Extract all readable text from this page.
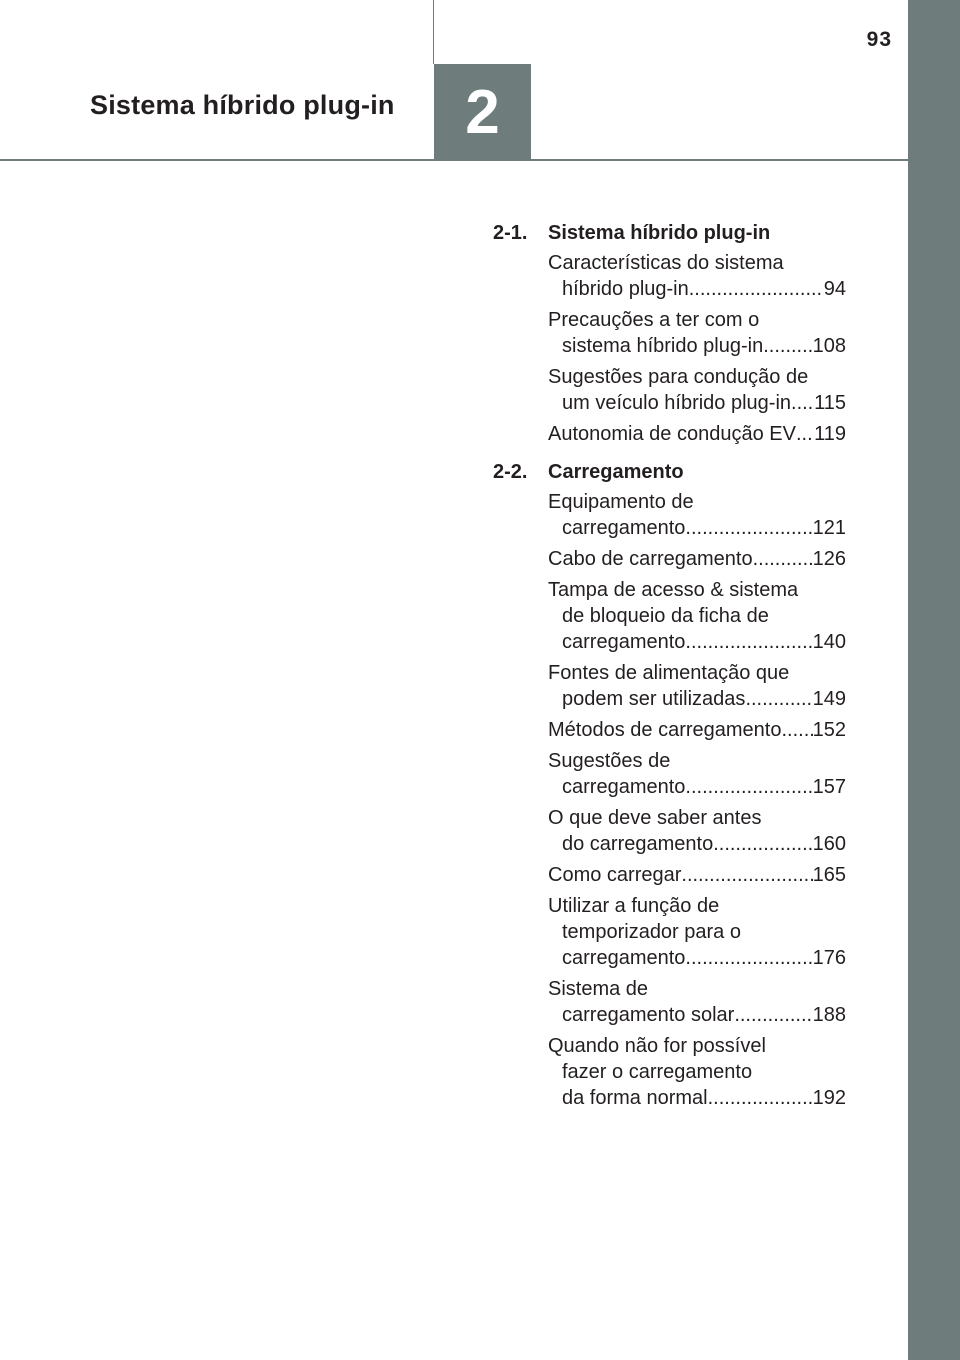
2
Sistema híbrido plug-in
93
2-1.	Sistema híbrido plug-in
Características do sistema
híbrido plug-in .....	94
Precauções a ter com o
sistema híbrido plug-in ..... 108
Sugestões para condução de
um veículo híbrido plug-in ..... 115
Autonomia de condução EV ..... 119
2-2.	Carregamento
Equipamento de
carregamento .....	121
Cabo de carregamento .....	126
Tampa de acesso & sistema
de bloqueio da ficha de
carregamento .....	140
Fontes de alimentação que
podem ser utilizadas .....	149
Métodos de carregamento ..... 152
Sugestões de
carregamento .....	157
O que deve saber antes
do carregamento .....	160
Como carregar .....	165
Utilizar a função de
temporizador para o
carregamento .....	176
Sistema de
carregamento solar .....	188
Quando não for possível
fazer o carregamento
da forma normal .....	192
carmanualsonline.info
